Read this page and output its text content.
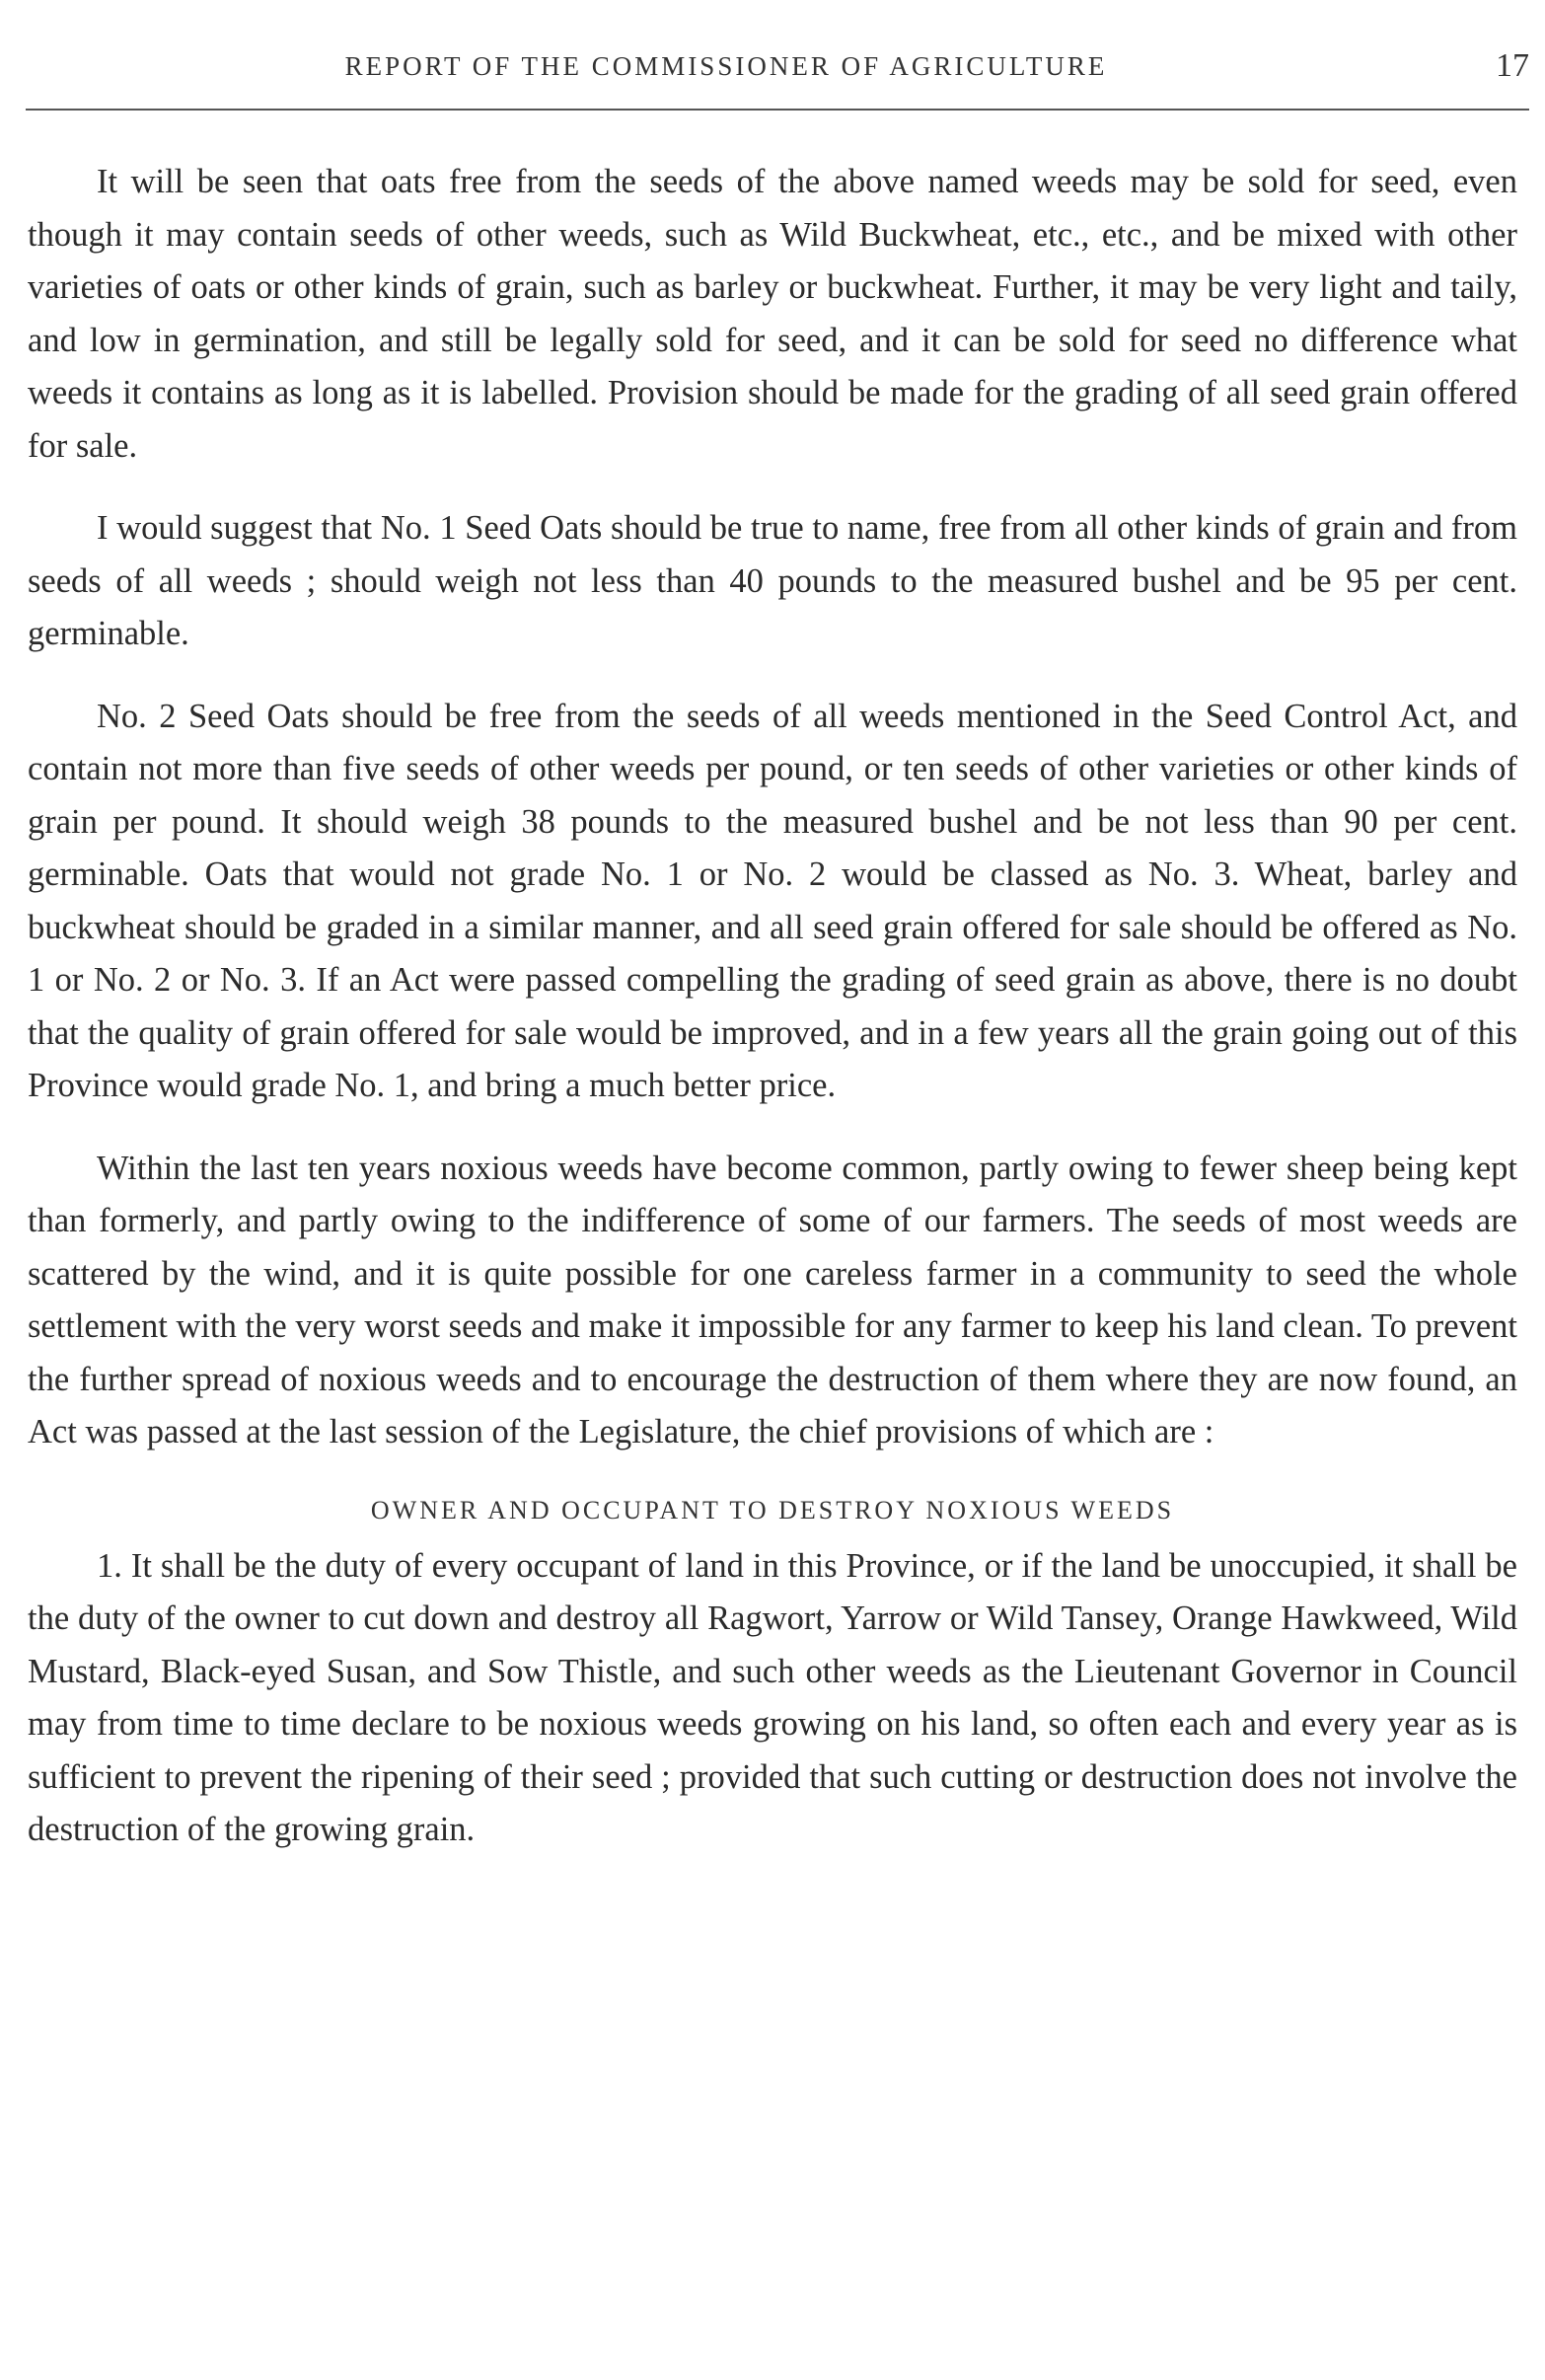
REPORT OF THE COMMISSIONER OF AGRICULTURE	17

It will be seen that oats free from the seeds of the above named weeds may be sold for seed, even though it may contain seeds of other weeds, such as Wild Buckwheat, etc., etc., and be mixed with other varieties of oats or other kinds of grain, such as barley or buckwheat. Further, it may be very light and taily, and low in germination, and still be legally sold for seed, and it can be sold for seed no difference what weeds it contains as long as it is labelled. Provision should be made for the grading of all seed grain offered for sale.

I would suggest that No. 1 Seed Oats should be true to name, free from all other kinds of grain and from seeds of all weeds ; should weigh not less than 40 pounds to the measured bushel and be 95 per cent. germinable.

No. 2 Seed Oats should be free from the seeds of all weeds mentioned in the Seed Control Act, and contain not more than five seeds of other weeds per pound, or ten seeds of other varieties or other kinds of grain per pound. It should weigh 38 pounds to the measured bushel and be not less than 90 per cent. germinable. Oats that would not grade No. 1 or No. 2 would be classed as No. 3. Wheat, barley and buckwheat should be graded in a similar manner, and all seed grain offered for sale should be offered as No. 1 or No. 2 or No. 3. If an Act were passed compelling the grading of seed grain as above, there is no doubt that the quality of grain offered for sale would be improved, and in a few years all the grain going out of this Province would grade No. 1, and bring a much better price.

Within the last ten years noxious weeds have become common, partly owing to fewer sheep being kept than formerly, and partly owing to the indifference of some of our farmers. The seeds of most weeds are scattered by the wind, and it is quite possible for one careless farmer in a community to seed the whole settlement with the very worst seeds and make it impossible for any farmer to keep his land clean. To prevent the further spread of noxious weeds and to encourage the destruction of them where they are now found, an Act was passed at the last session of the Legislature, the chief provisions of which are :

OWNER AND OCCUPANT TO DESTROY NOXIOUS WEEDS

1. It shall be the duty of every occupant of land in this Province, or if the land be unoccupied, it shall be the duty of the owner to cut down and destroy all Ragwort, Yarrow or Wild Tansey, Orange Hawkweed, Wild Mustard, Black-eyed Susan, and Sow Thistle, and such other weeds as the Lieutenant Governor in Council may from time to time declare to be noxious weeds growing on his land, so often each and every year as is sufficient to prevent the ripening of their seed ; provided that such cutting or destruction does not involve the destruction of the growing grain.
